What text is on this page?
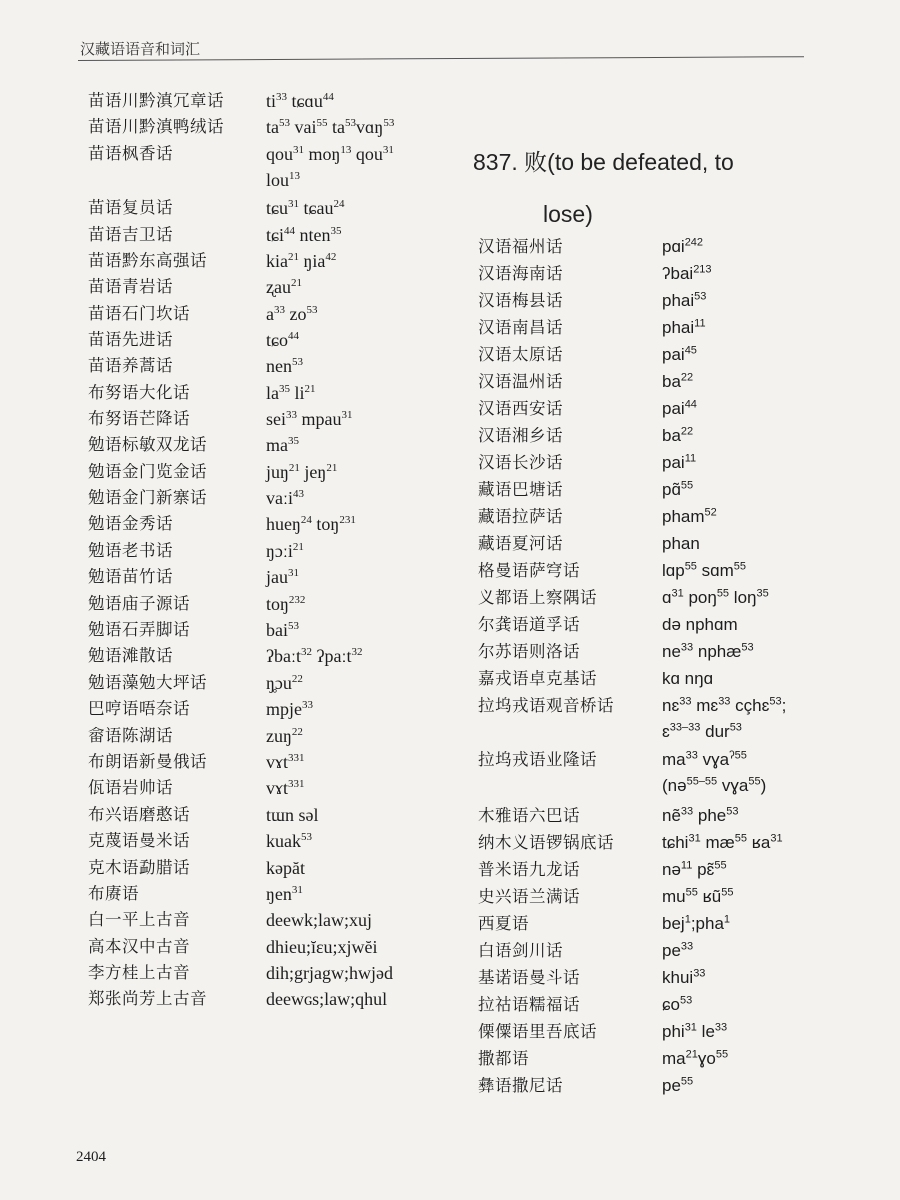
汉藏语语音和词汇
837. 败(to be defeated, to
lose)
苗语川黔滇冗章话 $ti^{33}$ tɕɑu$^{44}$
苗语川黔滇鸭绒话 $ta^{53}$ vai$^{55}$ $ta^{53}vɑŋ^{53}$
苗语枫香话	qou$^{31}$ moŋ$^{13}$ qou$^{31}$
lou$^{13}$
苗语复员话	tɕu$^{31}$ tɕau$^{24}$
苗语吉卫话	tɕi$^{44}$ nten$^{35}$
苗语黔东高强话	kia$^{21}$ ŋia$^{42}$
苗语青岩话	ʐau$^{21}$
苗语石门坎话	$a^{33}$ $zo^{53}$
苗语先进话	tɕo$^{44}$
苗语养蒿话	nen$^{53}$
布努语大化话	$la^{35}$ $li^{21}$
布努语芒降话	sei$^{33}$ mpau$^{31}$
勉语标敏双龙话	$ma^{35}$
勉语金门览金话	juŋ$^{21}$ jeŋ$^{21}$
勉语金门新寨话	vaːi$^{43}$
勉语金秀话	hueŋ$^{24}$ toŋ$^{231}$
勉语老书话	ŋɔːi$^{21}$
勉语苗竹话	jau$^{31}$
勉语庙子源话	toŋ$^{232}$
勉语石弄脚话	bai$^{53}$
勉语滩散话	ʔbaːt$^{32}$ ʔpaːt$^{32}$
勉语藻勉大坪话	ŋ̥ɔu$^{22}$
巴哼语唔奈话	mpje$^{33}$
畲语陈湖话	zuŋ$^{22}$
布朗语新曼俄话	vɤt$^{331}$
佤语岩帅话	vɤt$^{331}$
布兴语磨憨话	tɯn səl
克蔑语曼米话	kuak$^{53}$
克木语勐腊话	kəpăt
布赓语	ŋen$^{31}$
白一平上古音	deewk;law;xuj
高本汉中古音	dhieu;ĭɛu;xjwĕi
李方桂上古音	dih;grjagw;hwjəd
郑张尚芳上古音	deewɢs;law;qhul
汉语福州话	pɑi$^{242}$
汉语海南话	ʔbai$^{213}$
汉语梅县话	phai$^{53}$
汉语南昌话	phai$^{11}$
汉语太原话	pai$^{45}$
汉语温州话	$ba^{22}$
汉语西安话	pai$^{44}$
汉语湘乡话	$ba^{22}$
汉语长沙话	pai$^{11}$
藏语巴塘话	pɑ̃$^{55}$
藏语拉萨话	pham$^{52}$
藏语夏河话	phan
格曼语萨穹话	lɑp$^{55}$ sɑm$^{55}$
义都语上察隅话	ɑ$^{31}$ poŋ$^{55}$ loŋ$^{35}$
尔龚语道孚话	də nphɑm
尔苏语则洛话	$ne^{33}$ nphæ$^{53}$
嘉戎语卓克基话	kɑ nŋɑ
拉坞戎语观音桥话	nɛ$^{33}$ mɛ$^{33}$ cçhɛ$^{53}$;
ɛ$^{33-33}$ dur$^{53}$
拉坞戎语业隆话	$ma^{33}$ vɣa$^{ʔ55}$
(nə$^{55-55}$ vɣa$^{55}$)
木雅语六巴话	nẽ$^{33}$ phe$^{53}$
纳木义语锣锅底话	tɕhi$^{31}$ $mæ^{55}$ ʁa$^{31}$
普米语九龙话	nə$^{11}$ pɛ̃$^{55}$
史兴语兰满话	$mu^{55}$ ʁũ$^{55}$
西夏语	bej$^1$;pha$^1$
白语剑川话	$pe^{33}$
基诺语曼斗话	khui$^{33}$
拉祜语糯福话	ɕo$^{53}$
傈僳语里吾底话	phi$^{31}$ $le^{33}$
撒都语	$ma^{21}ɣo^{55}$
彝语撒尼话	$pe^{55}$
2404
